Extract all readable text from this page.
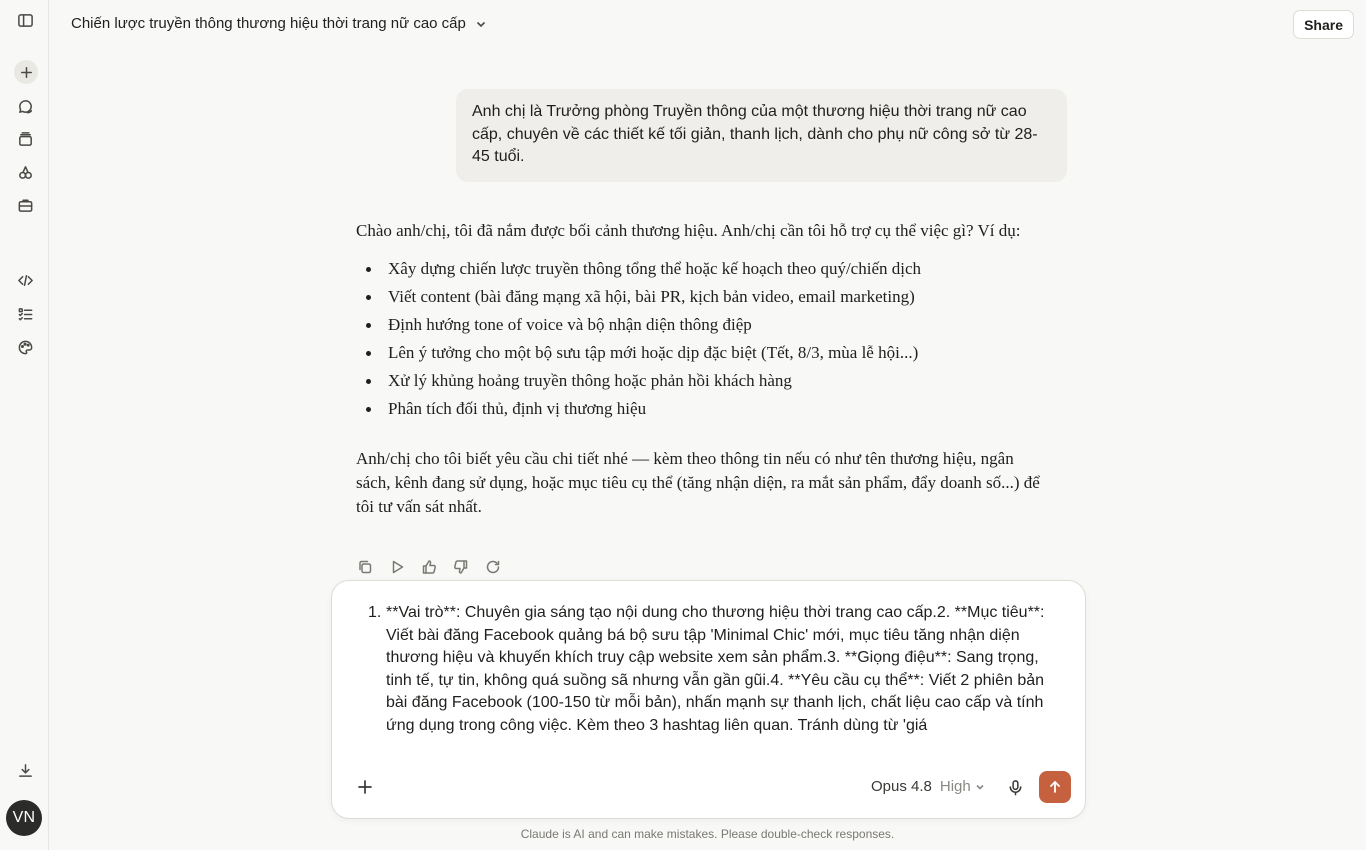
VN
Chiến lược truyền thông thương hiệu thời trang nữ cao cấp	Share
Anh chị là Trưởng phòng Truyền thông của một thương hiệu thời trang nữ cao cấp, chuyên về các thiết kế tối giản, thanh lịch, dành cho phụ nữ công sở từ 28-45 tuổi.

Chào anh/chị, tôi đã nắm được bối cảnh thương hiệu. Anh/chị cần tôi hỗ trợ cụ thể việc gì? Ví dụ:

Xây dựng chiến lược truyền thông tổng thể hoặc kế hoạch theo quý/chiến dịch
Viết content (bài đăng mạng xã hội, bài PR, kịch bản video, email marketing)
Định hướng tone of voice và bộ nhận diện thông điệp
Lên ý tưởng cho một bộ sưu tập mới hoặc dịp đặc biệt (Tết, 8/3, mùa lễ hội...)
Xử lý khủng hoảng truyền thông hoặc phản hồi khách hàng
Phân tích đối thủ, định vị thương hiệu

Anh/chị cho tôi biết yêu cầu chi tiết nhé — kèm theo thông tin nếu có như tên thương hiệu, ngân sách, kênh đang sử dụng, hoặc mục tiêu cụ thể (tăng nhận diện, ra mắt sản phẩm, đẩy doanh số...) để tôi tư vấn sát nhất.

1. **Vai trò**: Chuyên gia sáng tạo nội dung cho thương hiệu thời trang cao cấp.2. **Mục tiêu**: Viết bài đăng Facebook quảng bá bộ sưu tập 'Minimal Chic' mới, mục tiêu tăng nhận diện thương hiệu và khuyến khích truy cập website xem sản phẩm.3. **Giọng điệu**: Sang trọng, tinh tế, tự tin, không quá suồng sã nhưng vẫn gần gũi.4. **Yêu cầu cụ thể**: Viết 2 phiên bản bài đăng Facebook (100-150 từ mỗi bản), nhấn mạnh sự thanh lịch, chất liệu cao cấp và tính ứng dụng trong công việc. Kèm theo 3 hashtag liên quan. Tránh dùng từ 'giá
Opus 4.8 High
Claude is AI and can make mistakes. Please double-check responses.
